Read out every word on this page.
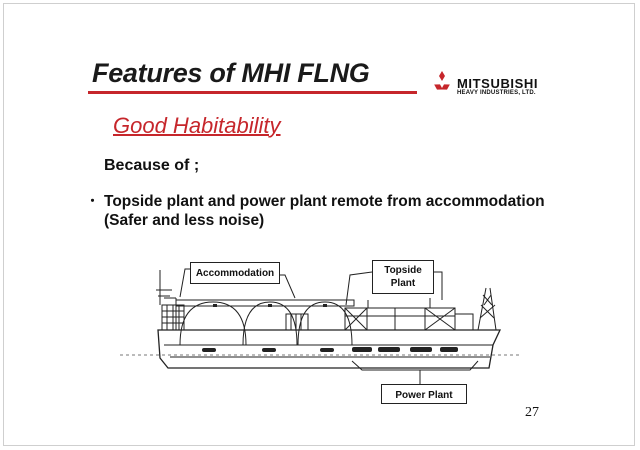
Features of MHI FLNG	MITSUBISHI
HEAVY INDUSTRIES, LTD.
Good Habitability
Because of ;
･ Topside plant and power plant remote from accommodation
(Safer and less noise)
Accommodation	Topside
Plant
Power Plant
27
